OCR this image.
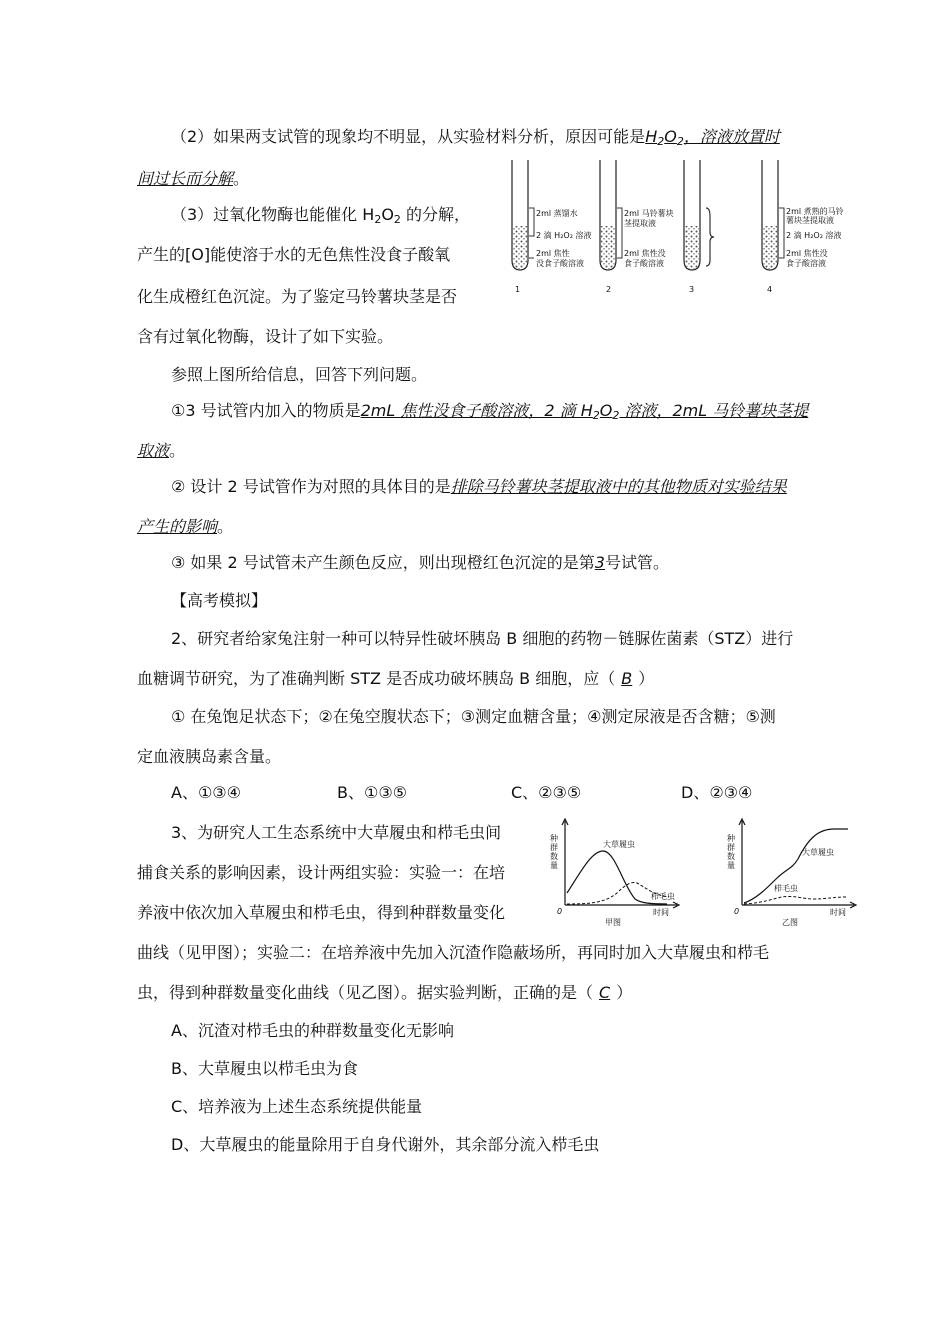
（2）如果两支试管的现象均不明显，从实验材料分析，原因可能是$H_2O_2$，溶液放置时
间过长而分解。
（3）过氧化物酶也能催化 $H_2O_2$ 的分解，
产生的[O]能使溶于水的无色焦性没食子酸氧
化生成橙红色沉淀。为了鉴定马铃薯块茎是否
含有过氧化物酶，设计了如下实验。
参照上图所给信息，回答下列问题。
①3 号试管内加入的物质是2mL 焦性没食子酸溶液，2 滴 $H_2O_2$ 溶液，2mL 马铃薯块茎提
取液。
② 设计 2 号试管作为对照的具体目的是排除马铃薯块茎提取液中的其他物质对实验结果
产生的影响。
③ 如果 2 号试管未产生颜色反应，则出现橙红色沉淀的是第3号试管。
【高考模拟】
2、研究者给家兔注射一种可以特异性破坏胰岛 B 细胞的药物－链脲佐菌素（STZ）进行
血糖调节研究，为了准确判断 STZ 是否成功破坏胰岛 B 细胞，应（ B ）
① 在兔饱足状态下；②在兔空腹状态下；③测定血糖含量；④测定尿液是否含糖；⑤测
定血液胰岛素含量。
A、①③④	B、①③⑤	C、②③⑤	D、②③④
3、为研究人工生态系统中大草履虫和栉毛虫间
捕食关系的影响因素，设计两组实验：实验一：在培
养液中依次加入草履虫和栉毛虫，得到种群数量变化
曲线（见甲图）；实验二：在培养液中先加入沉渣作隐蔽场所，再同时加入大草履虫和栉毛
虫，得到种群数量变化曲线（见乙图）。据实验判断，正确的是（ C ）
A、沉渣对栉毛虫的种群数量变化无影响
B、大草履虫以栉毛虫为食
C、培养液为上述生态系统提供能量
D、大草履虫的能量除用于自身代谢外，其余部分流入栉毛虫
2ml 蒸馏水
2 滴 H₂O₂ 溶液
2ml 焦性
没食子酸溶液
1
2ml 马铃薯块
茎提取液
2ml 焦性没
食子酸溶液
2	3
2ml 煮熟的马铃
薯块茎提取液
2 滴 H₂O₂ 溶液
2ml 焦性没
食子酸溶液
4
种
群
数
量
0	时间
甲图
大草履虫
栉毛虫
种
群
数
量
0	时间
乙图
大草履虫
栉毛虫
